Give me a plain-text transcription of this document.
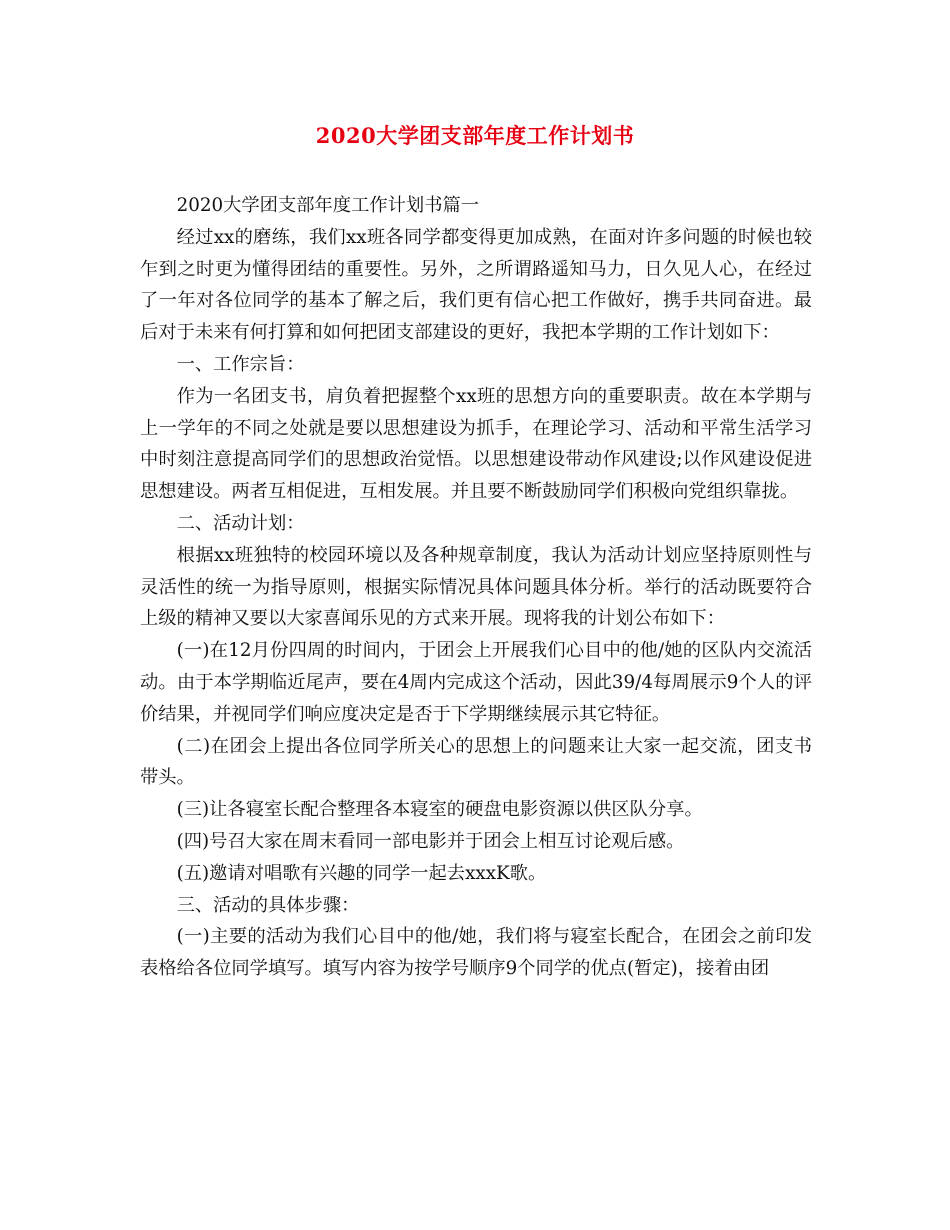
2020大学团支部年度工作计划书

2020大学团支部年度工作计划书篇一

经过xx的磨练，我们xx班各同学都变得更加成熟，在面对许多问题的时候也较乍到之时更为懂得团结的重要性。另外，之所谓路遥知马力，日久见人心，在经过了一年对各位同学的基本了解之后，我们更有信心把工作做好，携手共同奋进。最后对于未来有何打算和如何把团支部建设的更好，我把本学期的工作计划如下：

一、工作宗旨：

作为一名团支书，肩负着把握整个xx班的思想方向的重要职责。故在本学期与上一学年的不同之处就是要以思想建设为抓手，在理论学习、活动和平常生活学习中时刻注意提高同学们的思想政治觉悟。以思想建设带动作风建设;以作风建设促进思想建设。两者互相促进，互相发展。并且要不断鼓励同学们积极向党组织靠拢。

二、活动计划：

根据xx班独特的校园环境以及各种规章制度，我认为活动计划应坚持原则性与灵活性的统一为指导原则，根据实际情况具体问题具体分析。举行的活动既要符合上级的精神又要以大家喜闻乐见的方式来开展。现将我的计划公布如下：

(一)在12月份四周的时间内，于团会上开展我们心目中的他/她的区队内交流活动。由于本学期临近尾声，要在4周内完成这个活动，因此39/4每周展示9个人的评价结果，并视同学们响应度决定是否于下学期继续展示其它特征。

(二)在团会上提出各位同学所关心的思想上的问题来让大家一起交流，团支书带头。

(三)让各寝室长配合整理各本寝室的硬盘电影资源以供区队分享。

(四)号召大家在周末看同一部电影并于团会上相互讨论观后感。

(五)邀请对唱歌有兴趣的同学一起去xxxK歌。

三、活动的具体步骤：

(一)主要的活动为我们心目中的他/她，我们将与寝室长配合，在团会之前印发表格给各位同学填写。填写内容为按学号顺序9个同学的优点(暂定)，接着由团
